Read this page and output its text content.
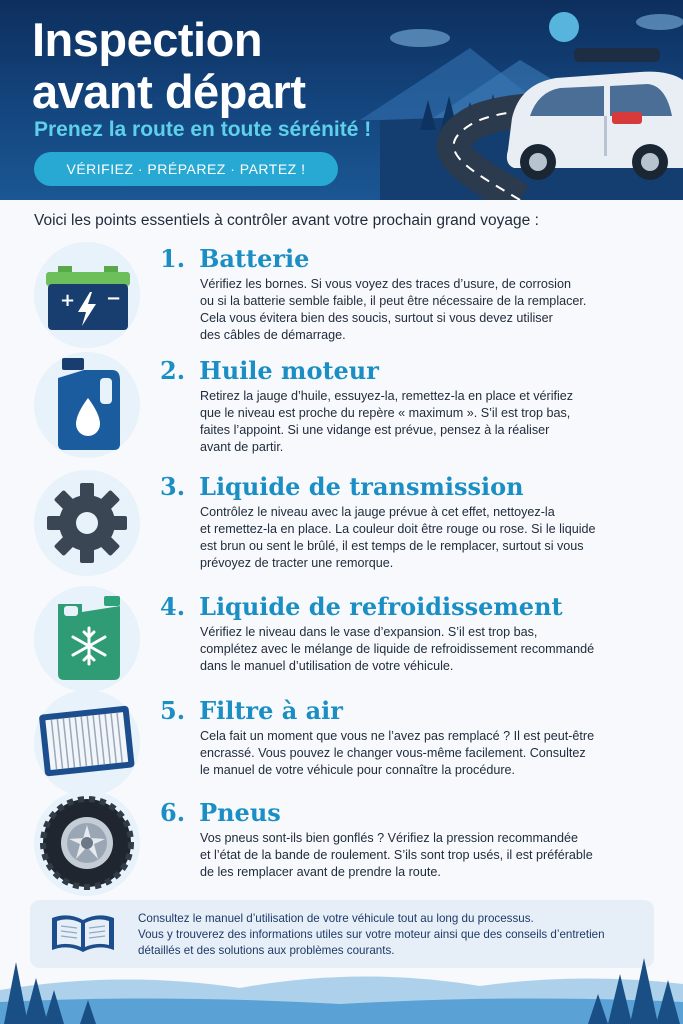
Inspection
avant départ
Prenez la route en toute sérénité !
VÉRIFIEZ · PRÉPAREZ · PARTEZ !
Voici les points essentiels à contrôler avant votre prochain grand voyage :
+ −
1. Batterie
Vérifiez les bornes. Si vous voyez des traces d’usure, de corrosion
ou si la batterie semble faible, il peut être nécessaire de la remplacer.
Cela vous évitera bien des soucis, surtout si vous devez utiliser
des câbles de démarrage.
2. Huile moteur
Retirez la jauge d’huile, essuyez-la, remettez-la en place et vérifiez
que le niveau est proche du repère « maximum ». S’il est trop bas,
faites l’appoint. Si une vidange est prévue, pensez à la réaliser
avant de partir.
3. Liquide de transmission
Contrôlez le niveau avec la jauge prévue à cet effet, nettoyez-la
et remettez-la en place. La couleur doit être rouge ou rose. Si le liquide
est brun ou sent le brûlé, il est temps de le remplacer, surtout si vous
prévoyez de tracter une remorque.
4. Liquide de refroidissement
Vérifiez le niveau dans le vase d’expansion. S’il est trop bas,
complétez avec le mélange de liquide de refroidissement recommandé
dans le manuel d’utilisation de votre véhicule.
5. Filtre à air
Cela fait un moment que vous ne l’avez pas remplacé ? Il est peut-être
encrassé. Vous pouvez le changer vous-même facilement. Consultez
le manuel de votre véhicule pour connaître la procédure.
6. Pneus
Vos pneus sont-ils bien gonflés ? Vérifiez la pression recommandée
et l’état de la bande de roulement. S’ils sont trop usés, il est préférable
de les remplacer avant de prendre la route.
Consultez le manuel d’utilisation de votre véhicule tout au long du processus.
Vous y trouverez des informations utiles sur votre moteur ainsi que des conseils d’entretien
détaillés et des solutions aux problèmes courants.
